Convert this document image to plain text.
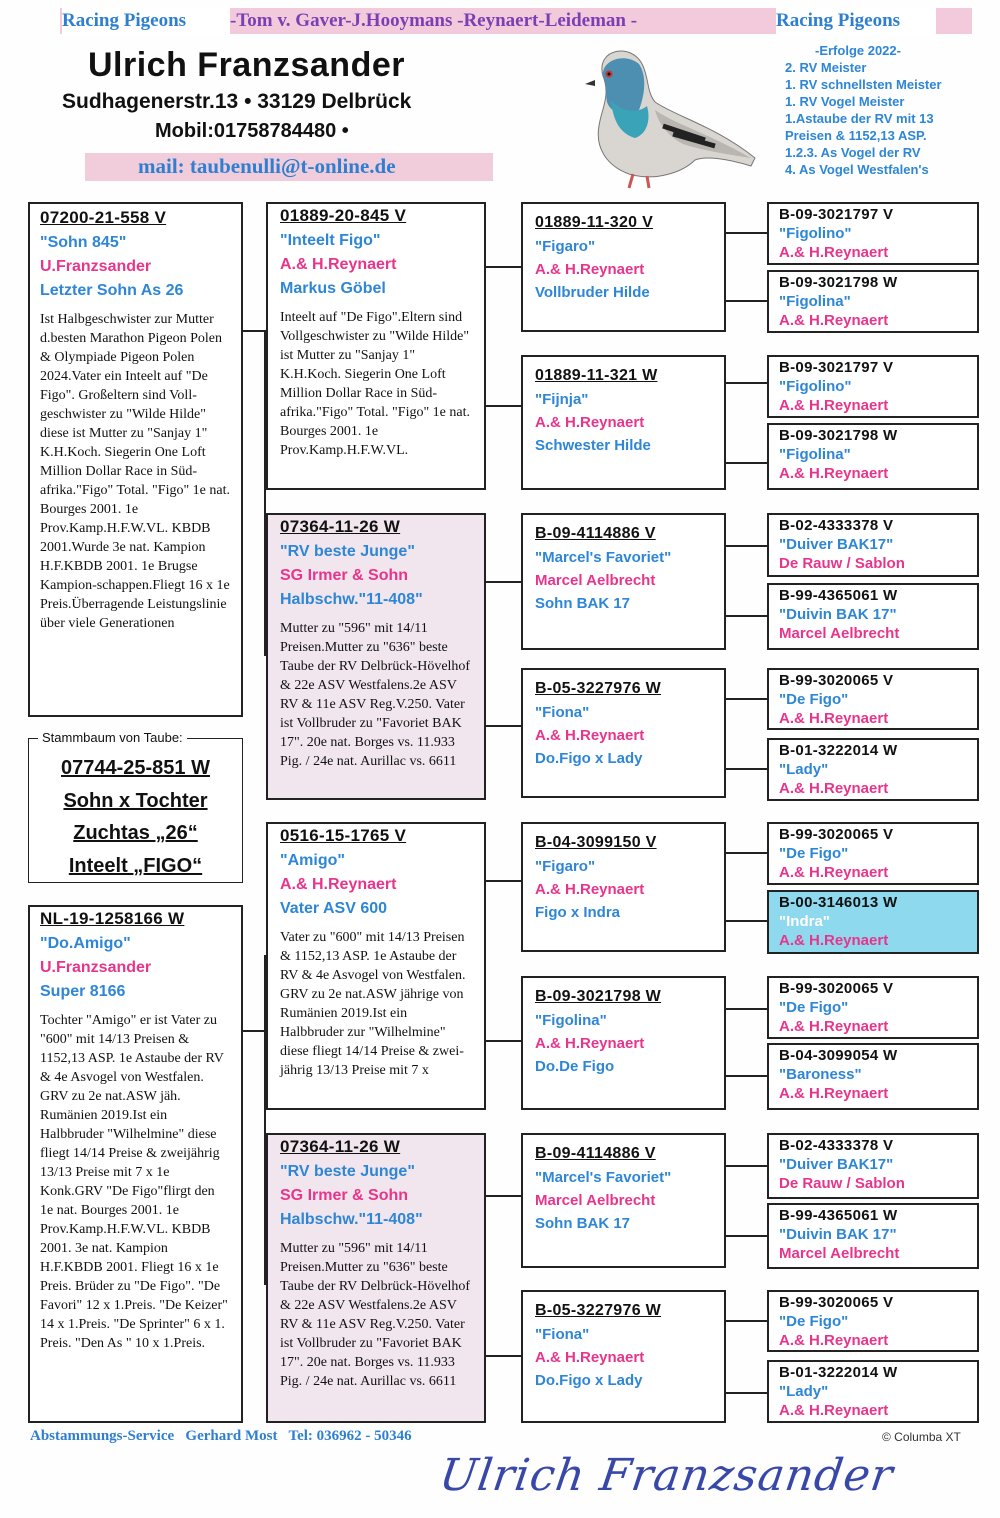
Racing Pigeons	-Tom v. Gaver-J.Hooymans -Reynaert-Leideman -	Racing Pigeons
Ulrich Franzsander
Sudhagenerstr.13 • 33129 Delbrück
Mobil:01758784480 •
mail: taubenulli@t-online.de
-Erfolge 2022-
2. RV Meister
1. RV schnellsten Meister
1. RV Vogel Meister
1.Astaube der RV mit 13
Preisen & 1152,13 ASP.
1.2.3. As Vogel der RV
4. As Vogel Westfalen's
07200-21-558 V
"Sohn 845"
U.Franzsander
Letzter Sohn As 26
Ist Halbgeschwister zur Mutter d.besten Marathon Pigeon Polen & Olympiade Pigeon Polen 2024.Vater ein Inteelt auf "De Figo". Großeltern sind Voll-geschwister zu "Wilde Hilde" diese ist Mutter zu "Sanjay 1" K.H.Koch. Siegerin One Loft Million Dollar Race in Süd-afrika."Figo" Total. "Figo" 1e nat. Bourges 2001. 1e Prov.Kamp.H.F.W.VL. KBDB 2001.Wurde 3e nat. Kampion H.F.KBDB 2001. 1e Brugse Kampion-schappen.Fliegt 16 x 1e Preis.Überragende Leistungslinie über viele Generationen
Stammbaum von Taube:
07744-25-851 W
Sohn x Tochter
Zuchtas „26“
Inteelt „FIGO“
NL-19-1258166 W
"Do.Amigo"
U.Franzsander
Super 8166
Tochter "Amigo" er ist Vater zu "600" mit 14/13 Preisen & 1152,13 ASP. 1e Astaube der RV & 4e Asvogel von Westfalen. GRV zu 2e nat.ASW jäh. Rumänien 2019.Ist ein Halbbruder "Wilhelmine" diese fliegt 14/14 Preise & zweijährig 13/13 Preise mit 7 x 1e Konk.GRV "De Figo"flirgt den 1e nat. Bourges 2001. 1e Prov.Kamp.H.F.W.VL. KBDB 2001. 3e nat. Kampion H.F.KBDB 2001. Fliegt 16 x 1e Preis. Brüder zu "De Figo". "De Favori" 12 x 1.Preis. "De Keizer" 14 x 1.Preis. "De Sprinter" 6 x 1. Preis. "Den As " 10 x 1.Preis.
01889-20-845 V
"Inteelt Figo"
A.& H.Reynaert
Markus Göbel
Inteelt auf "De Figo".Eltern sind Vollgeschwister zu "Wilde Hilde" ist Mutter zu "Sanjay 1" K.H.Koch. Siegerin One Loft Million Dollar Race in Süd-afrika."Figo" Total. "Figo" 1e nat. Bourges 2001. 1e Prov.Kamp.H.F.W.VL.
07364-11-26 W
"RV beste Junge"
SG Irmer & Sohn
Halbschw."11-408"
Mutter zu "596" mit 14/11 Preisen.Mutter zu "636" beste Taube der RV Delbrück-Hövelhof & 22e ASV Westfalens.2e ASV RV & 11e ASV Reg.V.250. Vater ist Vollbruder zu "Favoriet BAK 17". 20e nat. Borges vs. 11.933 Pig. / 24e nat. Aurillac vs. 6611
0516-15-1765 V
"Amigo"
A.& H.Reynaert
Vater ASV 600
Vater zu "600" mit 14/13 Preisen & 1152,13 ASP. 1e Astaube der RV & 4e Asvogel von Westfalen. GRV zu 2e nat.ASW jährige von Rumänien 2019.Ist ein Halbbruder zur "Wilhelmine" diese fliegt 14/14 Preise & zwei-jährig 13/13 Preise mit 7 x
07364-11-26 W
"RV beste Junge"
SG Irmer & Sohn
Halbschw."11-408"
Mutter zu "596" mit 14/11 Preisen.Mutter zu "636" beste Taube der RV Delbrück-Hövelhof & 22e ASV Westfalens.2e ASV RV & 11e ASV Reg.V.250. Vater ist Vollbruder zu "Favoriet BAK 17". 20e nat. Borges vs. 11.933 Pig. / 24e nat. Aurillac vs. 6611
01889-11-320 V
"Figaro"
A.& H.Reynaert
Vollbruder Hilde
01889-11-321 W
"Fijnja"
A.& H.Reynaert
Schwester Hilde
B-09-4114886 V
"Marcel's Favoriet"
Marcel Aelbrecht
Sohn BAK 17
B-05-3227976 W
"Fiona"
A.& H.Reynaert
Do.Figo x Lady
B-04-3099150 V
"Figaro"
A.& H.Reynaert
Figo x Indra
B-09-3021798 W
"Figolina"
A.& H.Reynaert
Do.De Figo
B-09-4114886 V
"Marcel's Favoriet"
Marcel Aelbrecht
Sohn BAK 17
B-05-3227976 W
"Fiona"
A.& H.Reynaert
Do.Figo x Lady
B-09-3021797 V
"Figolino"
A.& H.Reynaert
B-09-3021798 W
"Figolina"
A.& H.Reynaert
B-09-3021797 V
"Figolino"
A.& H.Reynaert
B-09-3021798 W
"Figolina"
A.& H.Reynaert
B-02-4333378 V
"Duiver BAK17"
De Rauw / Sablon
B-99-4365061 W
"Duivin BAK 17"
Marcel Aelbrecht
B-99-3020065 V
"De Figo"
A.& H.Reynaert
B-01-3222014 W
"Lady"
A.& H.Reynaert
B-99-3020065 V
"De Figo"
A.& H.Reynaert
B-00-3146013 W
"Indra"
A.& H.Reynaert
B-99-3020065 V
"De Figo"
A.& H.Reynaert
B-04-3099054 W
"Baroness"
A.& H.Reynaert
B-02-4333378 V
"Duiver BAK17"
De Rauw / Sablon
B-99-4365061 W
"Duivin BAK 17"
Marcel Aelbrecht
B-99-3020065 V
"De Figo"
A.& H.Reynaert
B-01-3222014 W
"Lady"
A.& H.Reynaert
Abstammungs-Service   Gerhard Most   Tel: 036962 - 50346	© Columba XT
Ulrich Franzsander
